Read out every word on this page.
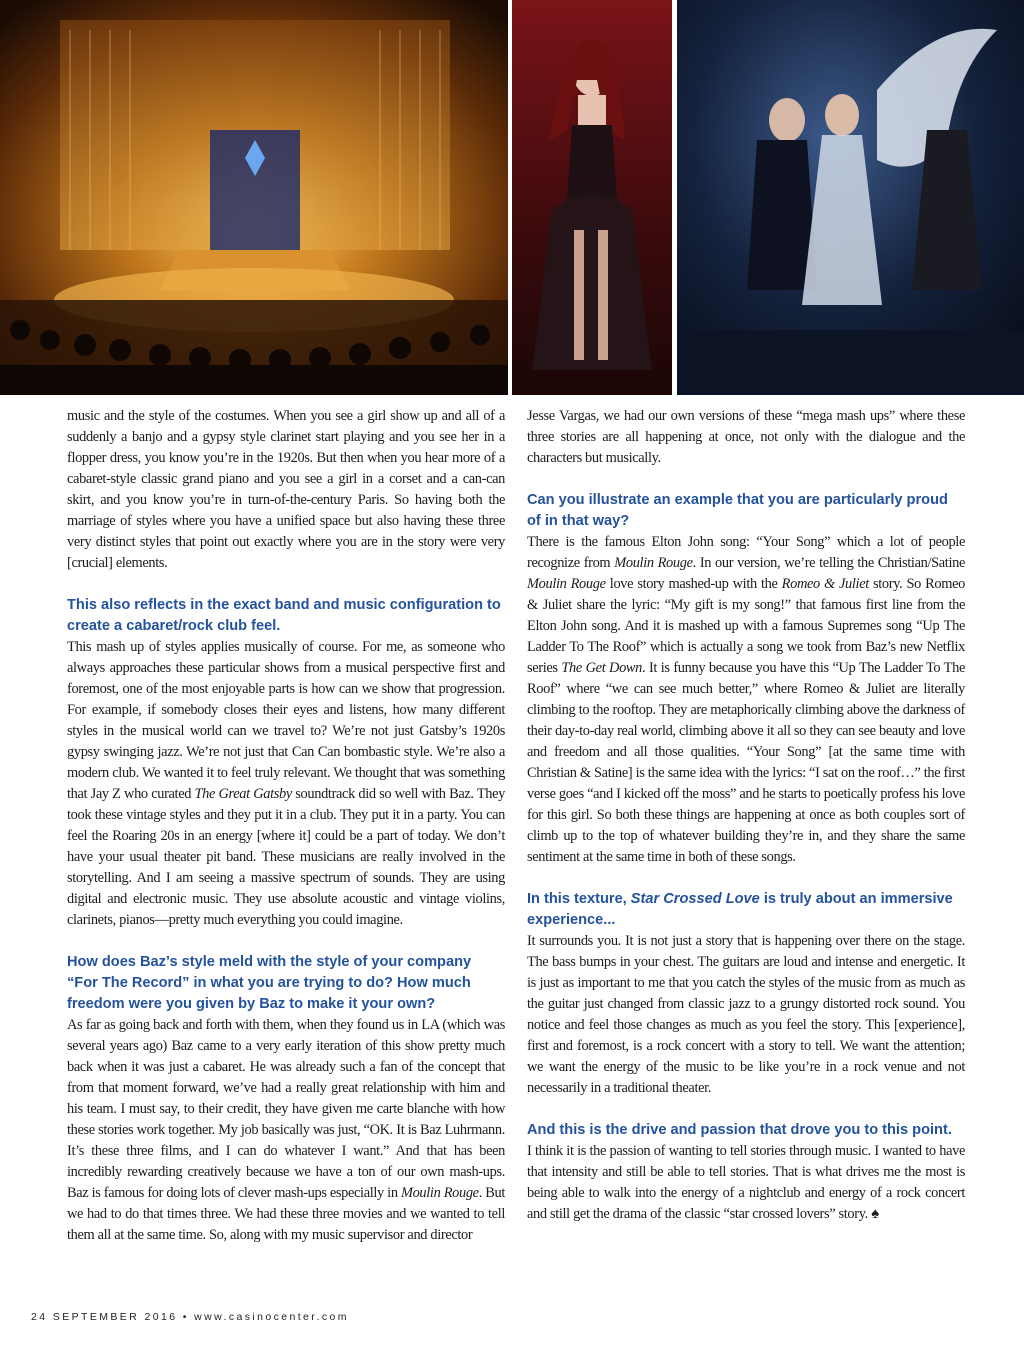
music and the style of the costumes. When you see a girl show up and all of a suddenly a banjo and a gypsy style clarinet start playing and you see her in a flopper dress, you know you’re in the 1920s. But then when you hear more of a cabaret-style classic grand piano and you see a girl in a corset and a can-can skirt, and you know you’re in turn-of-the-century Paris. So having both the marriage of styles where you have a unified space but also having these three very distinct styles that point out exactly where you are in the story were very [crucial] elements.

This also reflects in the exact band and music configuration to create a cabaret/rock club feel.

This mash up of styles applies musically of course. For me, as someone who always approaches these particular shows from a musical perspective first and foremost, one of the most enjoyable parts is how can we show that progression. For example, if somebody closes their eyes and listens, how many different styles in the musical world can we travel to? We’re not just Gatsby’s 1920s gypsy swinging jazz. We’re not just that Can Can bombastic style. We’re also a modern club. We wanted it to feel truly relevant. We thought that was something that Jay Z who curated The Great Gatsby soundtrack did so well with Baz. They took these vintage styles and they put it in a club. They put it in a party. You can feel the Roaring 20s in an energy [where it] could be a part of today. We don’t have your usual theater pit band. These musicians are really involved in the storytelling. And I am seeing a massive spectrum of sounds. They are using digital and electronic music. They use absolute acoustic and vintage violins, clarinets, pianos—pretty much everything you could imagine.

How does Baz’s style meld with the style of your company “For The Record” in what you are trying to do? How much freedom were you given by Baz to make it your own?

As far as going back and forth with them, when they found us in LA (which was several years ago) Baz came to a very early iteration of this show pretty much back when it was just a cabaret. He was already such a fan of the concept that from that moment forward, we’ve had a really great relationship with him and his team. I must say, to their credit, they have given me carte blanche with how these stories work together. My job basically was just, “OK. It is Baz Luhrmann. It’s these three films, and I can do whatever I want.” And that has been incredibly rewarding creatively because we have a ton of our own mash-ups. Baz is famous for doing lots of clever mash-ups especially in Moulin Rouge. But we had to do that times three. We had these three movies and we wanted to tell them all at the same time. So, along with my music supervisor and director

Jesse Vargas, we had our own versions of these “mega mash ups” where these three stories are all happening at once, not only with the dialogue and the characters but musically.

Can you illustrate an example that you are particularly proud of in that way?

There is the famous Elton John song: “Your Song” which a lot of people recognize from Moulin Rouge. In our version, we’re telling the Christian/Satine Moulin Rouge love story mashed-up with the Romeo & Juliet story. So Romeo & Juliet share the lyric: “My gift is my song!” that famous first line from the Elton John song. And it is mashed up with a famous Supremes song “Up The Ladder To The Roof” which is actually a song we took from Baz’s new Netflix series The Get Down. It is funny because you have this “Up The Ladder To The Roof” where “we can see much better,” where Romeo & Juliet are literally climbing to the rooftop. They are metaphorically climbing above the darkness of their day-to-day real world, climbing above it all so they can see beauty and love and freedom and all those qualities. “Your Song” [at the same time with Christian & Satine] is the same idea with the lyrics: “I sat on the roof…” the first verse goes “and I kicked off the moss” and he starts to poetically profess his love for this girl. So both these things are happening at once as both couples sort of climb up to the top of whatever building they’re in, and they share the same sentiment at the same time in both of these songs.

In this texture, Star Crossed Love is truly about an immersive experience...

It surrounds you. It is not just a story that is happening over there on the stage. The bass bumps in your chest. The guitars are loud and intense and energetic. It is just as important to me that you catch the styles of the music from as much as the guitar just changed from classic jazz to a grungy distorted rock sound. You notice and feel those changes as much as you feel the story. This [experience], first and foremost, is a rock concert with a story to tell. We want the attention; we want the energy of the music to be like you’re in a rock venue and not necessarily in a traditional theater.

And this is the drive and passion that drove you to this point.

I think it is the passion of wanting to tell stories through music. I wanted to have that intensity and still be able to tell stories. That is what drives me the most is being able to walk into the energy of a nightclub and energy of a rock concert and still get the drama of the classic “star crossed lovers” story. ♠

24 SEPTEMBER 2016 • www.casinocenter.com
